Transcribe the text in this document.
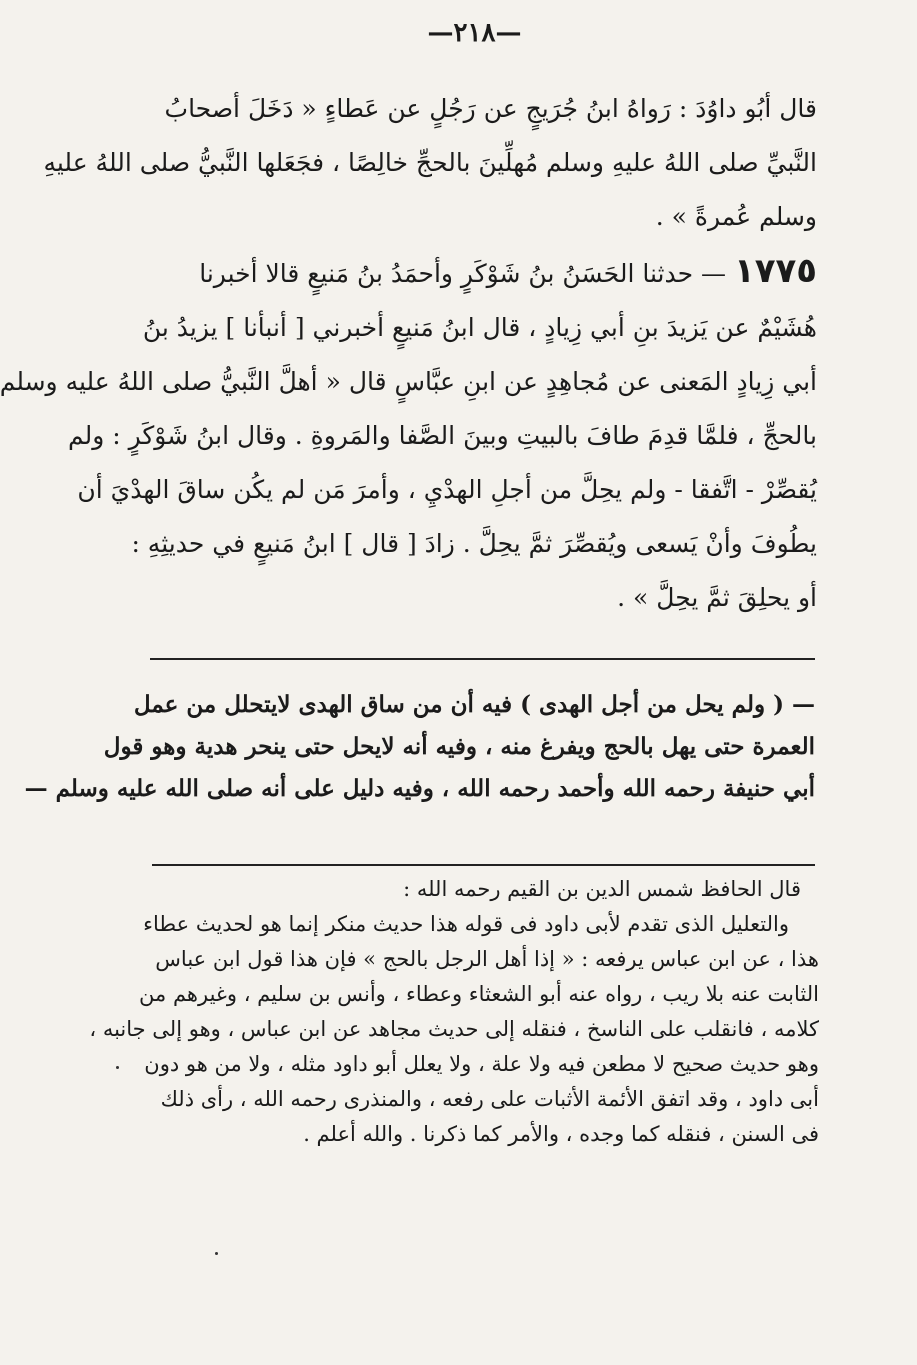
—٢١٨—
قال أبُو داوُدَ : رَواهُ ابنُ جُرَيجٍ عن رَجُلٍ عن عَطاءٍ « دَخَلَ أصحابُ
النَّبيِّ صلى اللهُ عليهِ وسلم مُهلِّينَ بالحجِّ خالِصًا ، فجَعَلها النَّبيُّ صلى اللهُ عليهِ
وسلم عُمرةً » .
١٧٧٥— حدثنا الحَسَنُ بنُ شَوْكَرٍ وأحمَدُ بنُ مَنيعٍ قالا أخبرنا
هُشَيْمٌ عن يَزيدَ بنِ أبي زِيادٍ ، قال ابنُ مَنيعٍ أخبرني [ أنبأنا ] يزيدُ بنُ
أبي زِيادٍ المَعنى عن مُجاهِدٍ عن ابنِ عبَّاسٍ قال « أهلَّ النَّبيُّ صلى اللهُ عليه وسلم
بالحجِّ ، فلمَّا قدِمَ طافَ بالبيتِ وبينَ الصَّفا والمَروةِ . وقال ابنُ شَوْكَرٍ : ولم
يُقصِّرْ - اتَّفقا - ولم يحِلَّ من أجلِ الهدْيِ ، وأمرَ مَن لم يكُن ساقَ الهدْيَ أن
يطُوفَ وأنْ يَسعى ويُقصِّرَ ثمَّ يحِلَّ . زادَ [ قال ] ابنُ مَنيعٍ في حديثِهِ :
أو يحلِقَ ثمَّ يحِلَّ » .
— ( ولم يحل من أجل الهدى ) فيه أن من ساق الهدى لايتحلل من عمل
العمرة حتى يهل بالحج ويفرغ منه ، وفيه أنه لايحل حتى ينحر هدية وهو قول
أبي حنيفة رحمه الله وأحمد رحمه الله ، وفيه دليل على أنه صلى الله عليه وسلم —
قال الحافظ شمس الدين بن القيم رحمه الله :
والتعليل الذى تقدم لأبى داود فى قوله هذا حديث منكر إنما هو لحديث عطاء
هذا ، عن ابن عباس يرفعه : « إذا أهل الرجل بالحج » فإن هذا قول ابن عباس
الثابت عنه بلا ريب ، رواه عنه أبو الشعثاء وعطاء ، وأنس بن سليم ، وغيرهم من
كلامه ، فانقلب على الناسخ ، فنقله إلى حديث مجاهد عن ابن عباس ، وهو إلى جانبه ،
وهو حديث صحيح لا مطعن فيه ولا علة ، ولا يعلل أبو داود مثله ، ولا من هو دون
أبى داود ، وقد اتفق الأئمة الأثبات على رفعه ، والمنذرى رحمه الله ، رأى ذلك
فى السنن ، فنقله كما وجده ، والأمر كما ذكرنا . والله أعلم .
